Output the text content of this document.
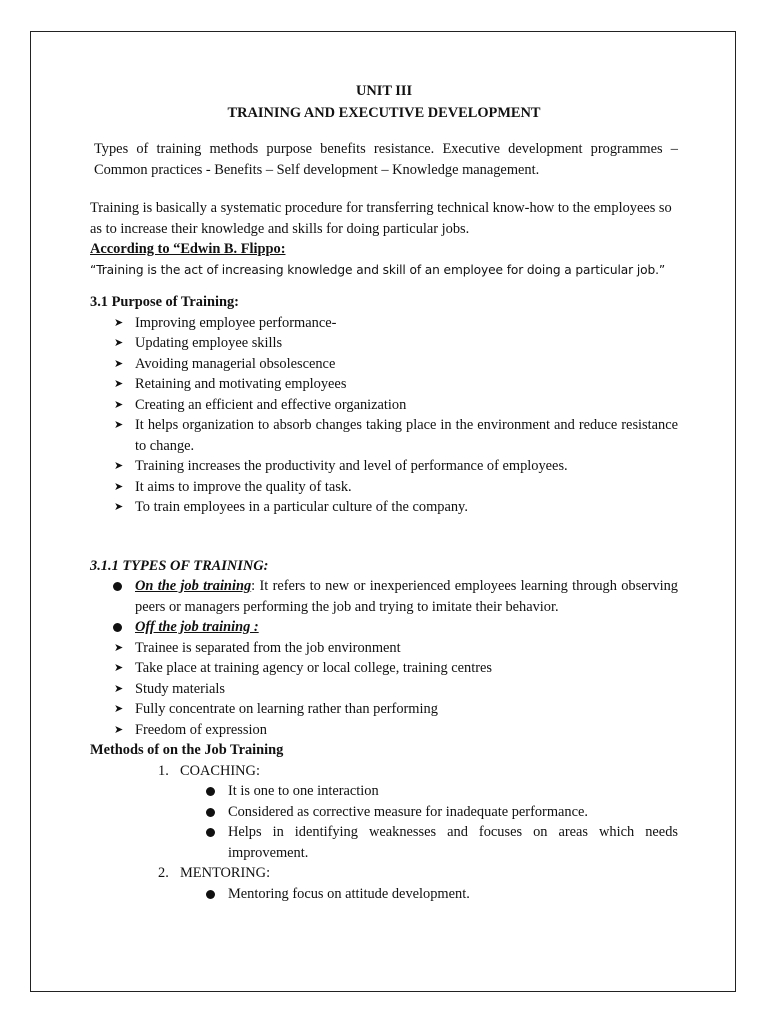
UNIT III
TRAINING AND EXECUTIVE DEVELOPMENT

Types of training methods purpose benefits resistance. Executive development programmes – Common practices - Benefits – Self development – Knowledge management.

Training is basically a systematic procedure for transferring technical know-how to the employees so as to increase their knowledge and skills for doing particular jobs.

According to “Edwin B. Flippo:

“Training is the act of increasing knowledge and skill of an employee for doing a particular job.”

3.1 Purpose of Training:

➤ Improving employee performance-
➤ Updating employee skills
➤ Avoiding managerial obsolescence
➤ Retaining and motivating employees
➤ Creating an efficient and effective organization
➤ It helps organization to absorb changes taking place in the environment and reduce resistance to change.
➤ Training increases the productivity and level of performance of employees.
➤ It aims to improve the quality of task.
➤ To train employees in a particular culture of the company.

3.1.1 TYPES OF TRAINING:

On the job training: It refers to new or inexperienced employees learning through observing peers or managers performing the job and trying to imitate their behavior.
Off the job training :
➤ Trainee is separated from the job environment
➤ Take place at training agency or local college, training centres
➤ Study materials
➤ Fully concentrate on learning rather than performing
➤ Freedom of expression

Methods of on the Job Training

1. COACHING:
It is one to one interaction
Considered as corrective measure for inadequate performance.
Helps in identifying weaknesses and focuses on areas which needs improvement.
2. MENTORING:
Mentoring focus on attitude development.
